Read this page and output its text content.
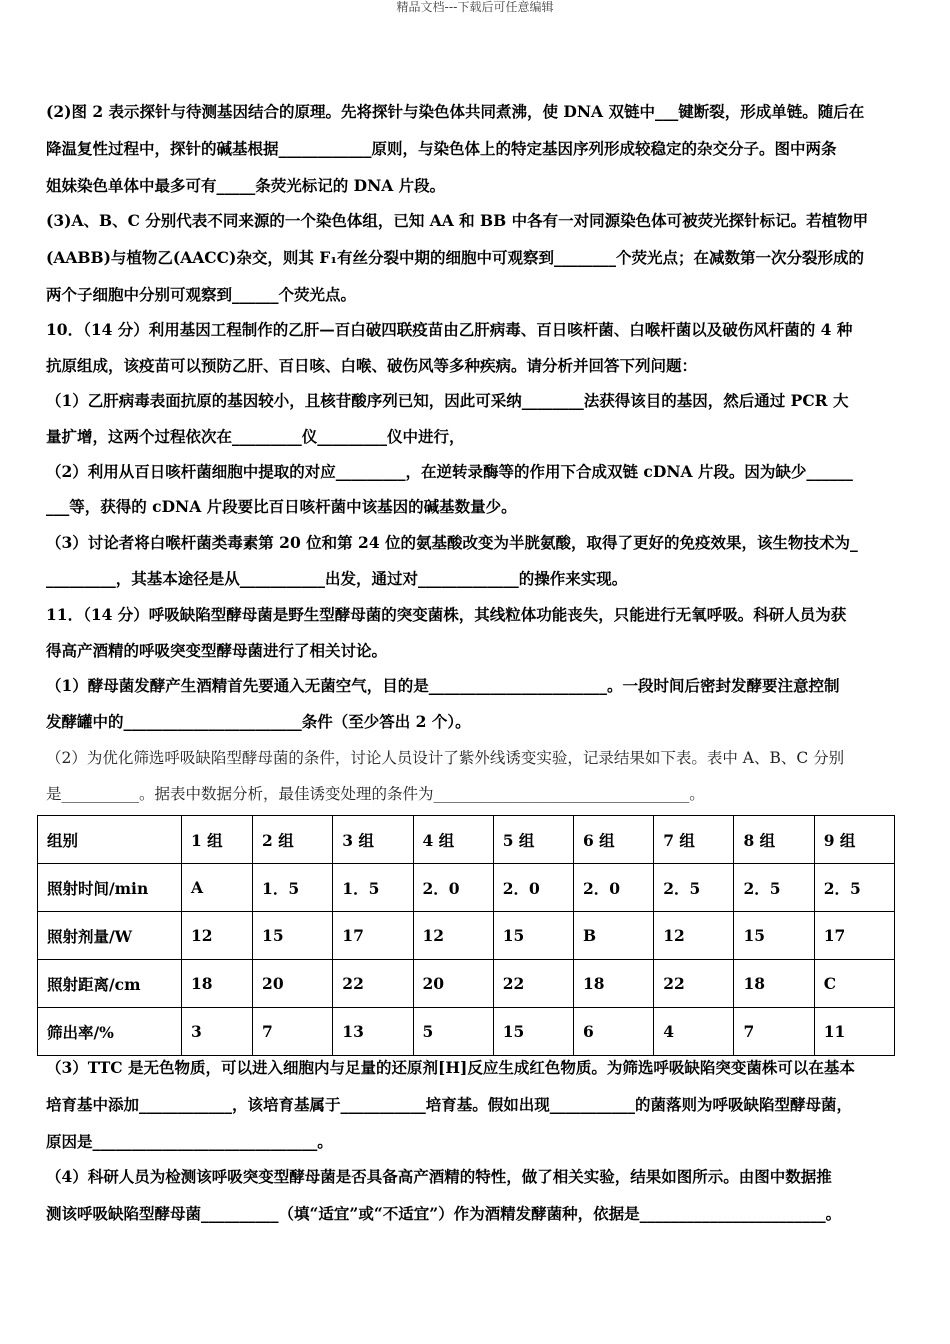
精品文档---下载后可任意编辑
(2)图 2 表示探针与待测基因结合的原理。先将探针与染色体共同煮沸，使 DNA 双链中___键断裂，形成单链。随后在
降温复性过程中，探针的碱基根据____________原则，与染色体上的特定基因序列形成较稳定的杂交分子。图中两条
姐妹染色单体中最多可有_____条荧光标记的 DNA 片段。
(3)A、B、C 分别代表不同来源的一个染色体组，已知 AA 和 BB 中各有一对同源染色体可被荧光探针标记。若植物甲
(AABB)与植物乙(AACC)杂交，则其 F₁有丝分裂中期的细胞中可观察到________个荧光点；在减数第一次分裂形成的
两个子细胞中分别可观察到______个荧光点。
10．（14 分）利用基因工程制作的乙肝—百白破四联疫苗由乙肝病毒、百日咳杆菌、白喉杆菌以及破伤风杆菌的 4 种
抗原组成，该疫苗可以预防乙肝、百日咳、白喉、破伤风等多种疾病。请分析并回答下列问题：
（1）乙肝病毒表面抗原的基因较小，且核苷酸序列已知，因此可采纳________法获得该目的基因，然后通过 PCR 大
量扩增，这两个过程依次在_________仪_________仪中进行，
（2）利用从百日咳杆菌细胞中提取的对应_________，在逆转录酶等的作用下合成双链 cDNA 片段。因为缺少______
___等，获得的 cDNA 片段要比百日咳杆菌中该基因的碱基数量少。
（3）讨论者将白喉杆菌类毒素第 20 位和第 24 位的氨基酸改变为半胱氨酸，取得了更好的免疫效果，该生物技术为_
_________，其基本途径是从___________出发，通过对_____________的操作来实现。
11．（14 分）呼吸缺陷型酵母菌是野生型酵母菌的突变菌株，其线粒体功能丧失，只能进行无氧呼吸。科研人员为获
得高产酒精的呼吸突变型酵母菌进行了相关讨论。
（1）酵母菌发酵产生酒精首先要通入无菌空气，目的是_______________________。一段时间后密封发酵要注意控制
发酵罐中的_______________________条件（至少答出 2 个）。
（2）为优化筛选呼吸缺陷型酵母菌的条件，讨论人员设计了紫外线诱变实验，记录结果如下表。表中 A、B、C 分别
是__________。据表中数据分析，最佳诱变处理的条件为_________________________________。
组别	1 组	2 组	3 组	4 组	5 组	6 组	7 组	8 组	9 组
照射时间/min	A	1．5	1．5	2．0	2．0	2．0	2．5	2．5	2．5
照射剂量/W	12	15	17	12	15	B	12	15	17
照射距离/cm	18	20	22	20	22	18	22	18	C
筛出率/%	3	7	13	5	15	6	4	7	11
（3）TTC 是无色物质，可以进入细胞内与足量的还原剂[H]反应生成红色物质。为筛选呼吸缺陷突变菌株可以在基本
培育基中添加____________，该培育基属于___________培育基。假如出现___________的菌落则为呼吸缺陷型酵母菌，
原因是_____________________________。
（4）科研人员为检测该呼吸突变型酵母菌是否具备高产酒精的特性，做了相关实验，结果如图所示。由图中数据推
测该呼吸缺陷型酵母菌__________（填“适宜”或“不适宜”）作为酒精发酵菌种，依据是________________________。
